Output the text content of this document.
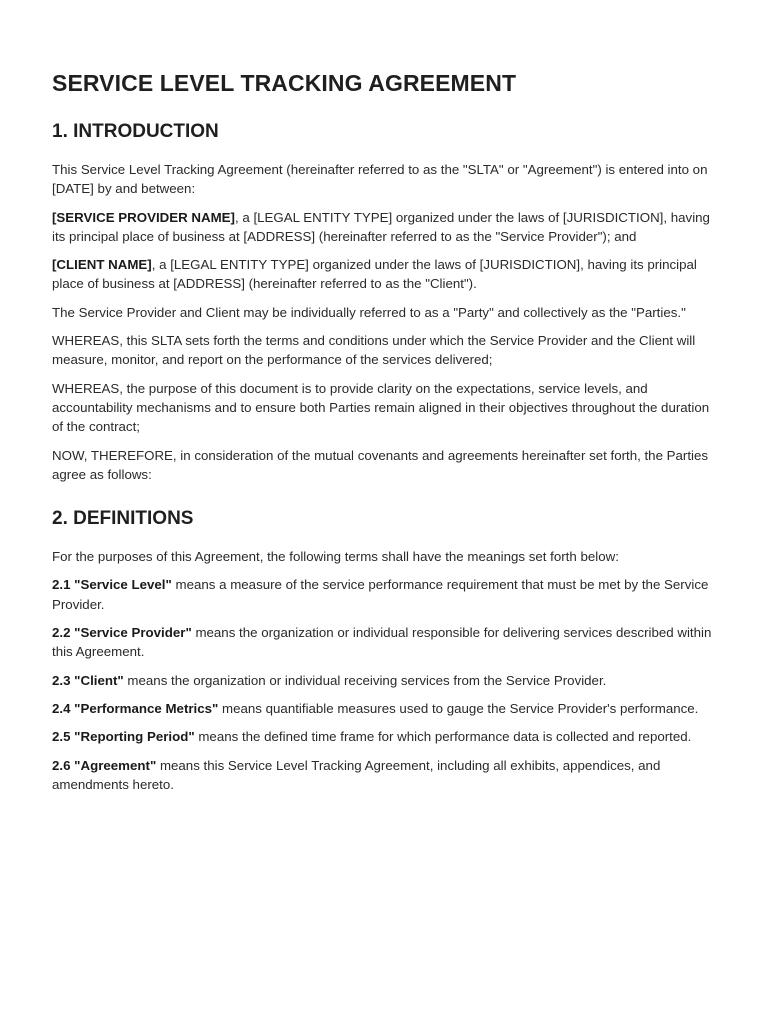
SERVICE LEVEL TRACKING AGREEMENT
1. INTRODUCTION

This Service Level Tracking Agreement (hereinafter referred to as the "SLTA" or "Agreement") is entered into on [DATE] by and between:

[SERVICE PROVIDER NAME], a [LEGAL ENTITY TYPE] organized under the laws of [JURISDICTION], having its principal place of business at [ADDRESS] (hereinafter referred to as the "Service Provider"); and

[CLIENT NAME], a [LEGAL ENTITY TYPE] organized under the laws of [JURISDICTION], having its principal place of business at [ADDRESS] (hereinafter referred to as the "Client").

The Service Provider and Client may be individually referred to as a "Party" and collectively as the "Parties."

WHEREAS, this SLTA sets forth the terms and conditions under which the Service Provider and the Client will measure, monitor, and report on the performance of the services delivered;

WHEREAS, the purpose of this document is to provide clarity on the expectations, service levels, and accountability mechanisms and to ensure both Parties remain aligned in their objectives throughout the duration of the contract;

NOW, THEREFORE, in consideration of the mutual covenants and agreements hereinafter set forth, the Parties agree as follows:

2. DEFINITIONS

For the purposes of this Agreement, the following terms shall have the meanings set forth below:

2.1 "Service Level" means a measure of the service performance requirement that must be met by the Service Provider.

2.2 "Service Provider" means the organization or individual responsible for delivering services described within this Agreement.

2.3 "Client" means the organization or individual receiving services from the Service Provider.

2.4 "Performance Metrics" means quantifiable measures used to gauge the Service Provider's performance.

2.5 "Reporting Period" means the defined time frame for which performance data is collected and reported.

2.6 "Agreement" means this Service Level Tracking Agreement, including all exhibits, appendices, and amendments hereto.
